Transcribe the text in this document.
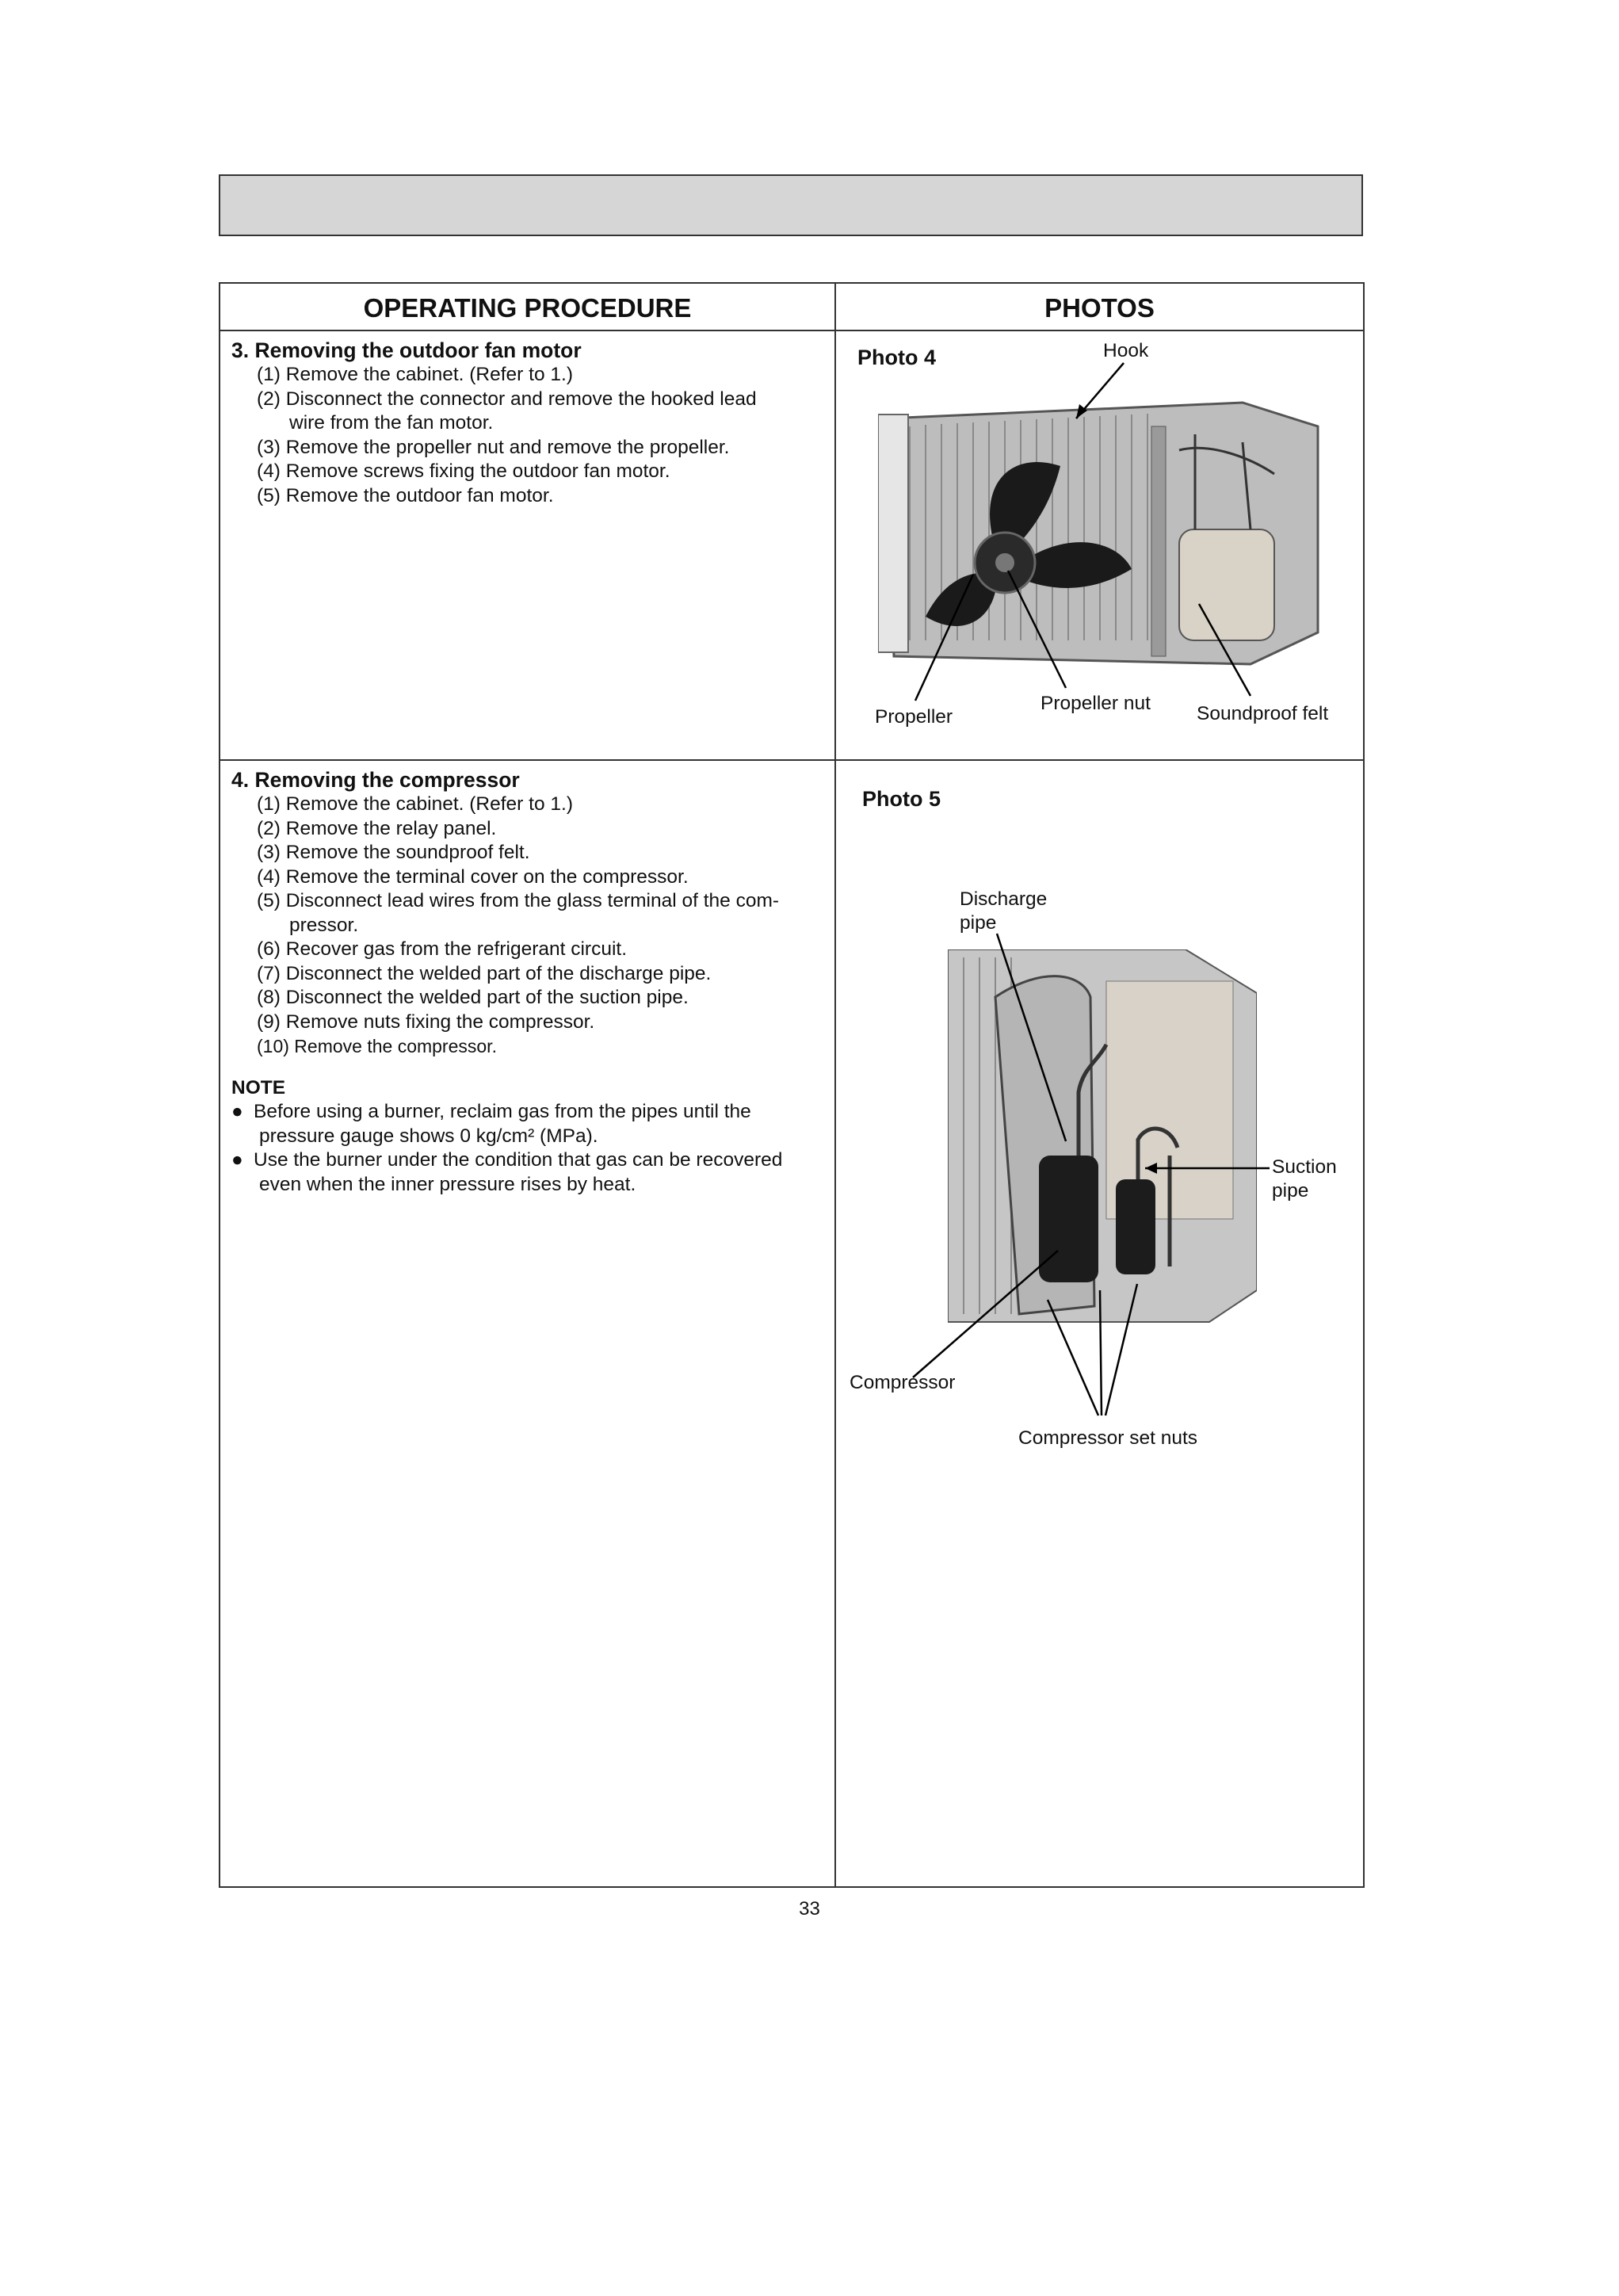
OPERATING PROCEDURE	PHOTOS
3. Removing the outdoor fan motor
(1) Remove the cabinet. (Refer to 1.)
(2) Disconnect the connector and remove the hooked lead
wire from the fan motor.
(3) Remove the propeller nut and remove the propeller.
(4) Remove screws fixing the outdoor fan motor.
(5) Remove the outdoor fan motor.
4. Removing the compressor
(1) Remove the cabinet. (Refer to 1.)
(2) Remove the relay panel.
(3) Remove the soundproof felt.
(4) Remove the terminal cover on the compressor.
(5) Disconnect lead wires from the glass terminal of the com-
pressor.
(6) Recover gas from the refrigerant circuit.
(7) Disconnect the welded part of the discharge pipe.
(8) Disconnect the welded part of the suction pipe.
(9) Remove nuts fixing the compressor.
(10) Remove the compressor.
NOTE
● Before using a burner, reclaim gas from the pipes until the
pressure gauge shows 0 kg/cm² (MPa).
● Use the burner under the condition that gas can be recovered
even when the inner pressure rises by heat.
Photo 4	Hook
Propeller
Propeller nut Soundproof felt
Photo 5
Discharge
pipe
Suction
pipe
Compressor
Compressor set nuts
33
